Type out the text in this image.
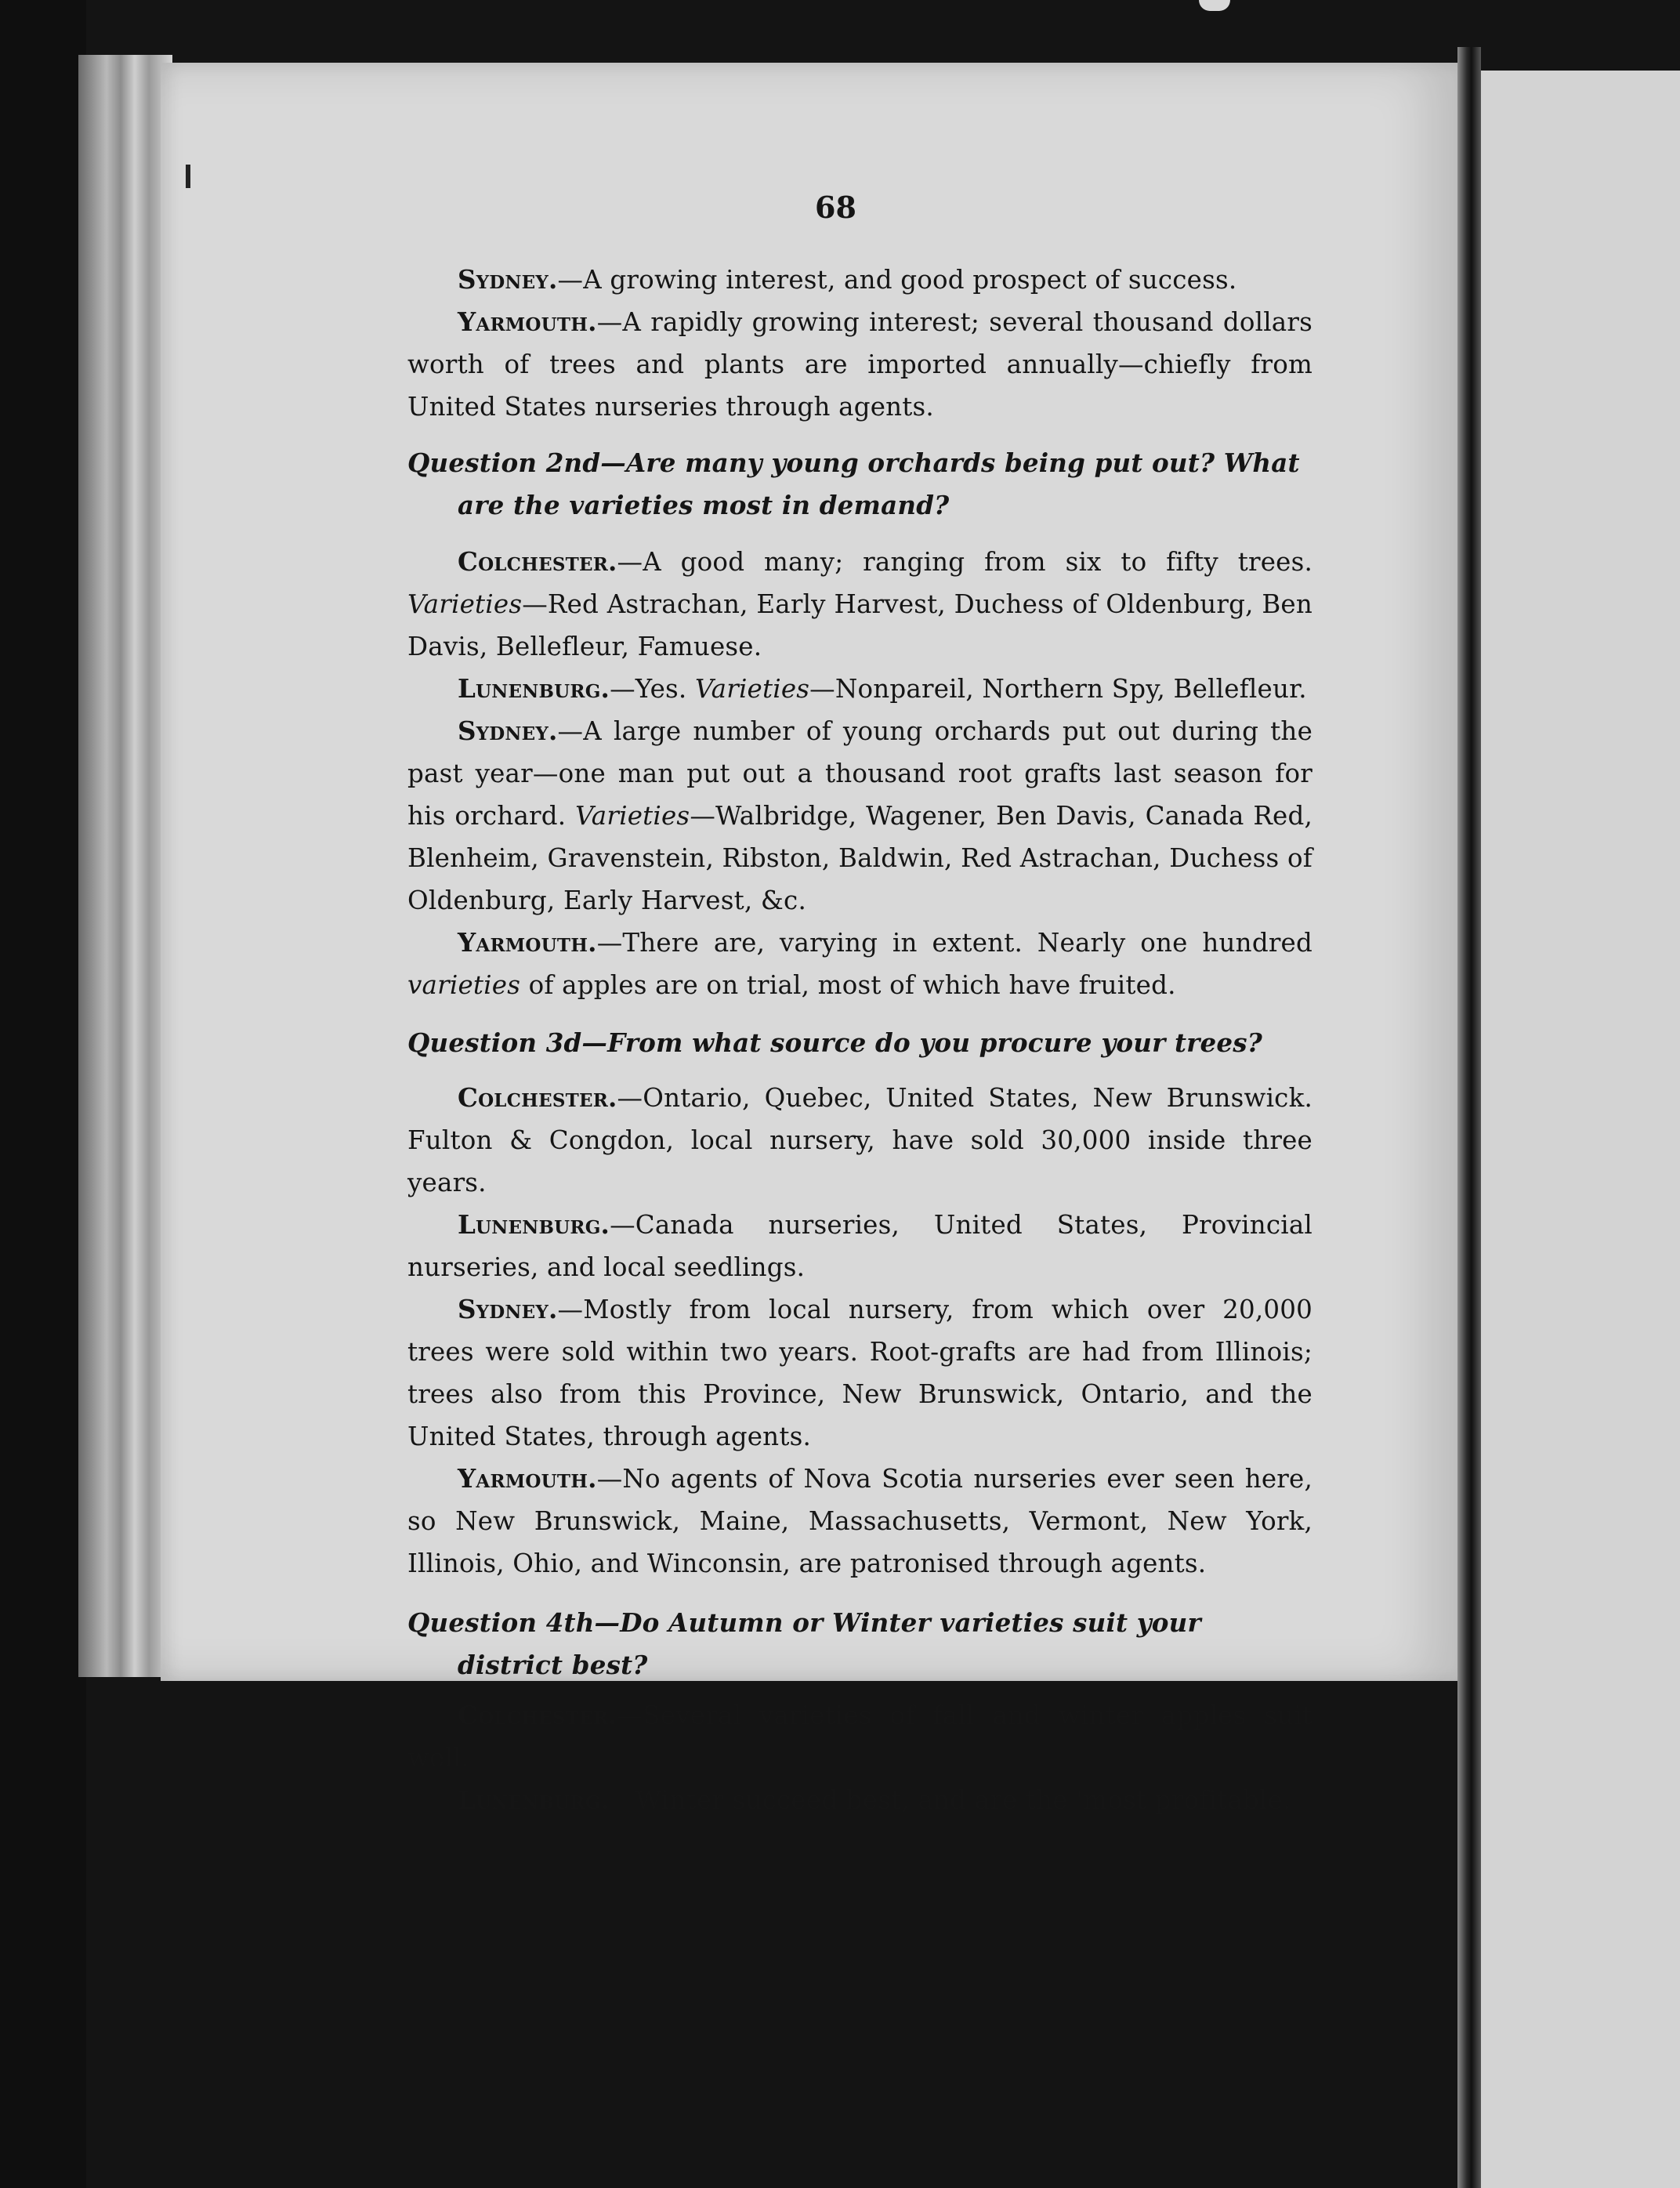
68

Sydney.—A growing interest, and good prospect of success.

Yarmouth.—A rapidly growing interest; several thousand dollars worth of trees and plants are imported annually—chiefly from United States nurseries through agents.

Question 2nd—Are many young orchards being put out? What are the varieties most in demand?

Colchester.—A good many; ranging from six to fifty trees. Varieties—Red Astrachan, Early Harvest, Duchess of Oldenburg, Ben Davis, Bellefleur, Famuese.

Lunenburg.—Yes. Varieties—Nonpareil, Northern Spy, Bellefleur.

Sydney.—A large number of young orchards put out during the past year—one man put out a thousand root grafts last season for his orchard. Varieties—Walbridge, Wagener, Ben Davis, Canada Red, Blenheim, Gravenstein, Ribston, Baldwin, Red Astrachan, Duchess of Oldenburg, Early Harvest, &c.

Yarmouth.—There are, varying in extent. Nearly one hundred varieties of apples are on trial, most of which have fruited.

Question 3d—From what source do you procure your trees?

Colchester.—Ontario, Quebec, United States, New Brunswick. Fulton & Congdon, local nursery, have sold 30,000 inside three years.

Lunenburg.—Canada nurseries, United States, Provincial nurseries, and local seedlings.

Sydney.—Mostly from local nursery, from which over 20,000 trees were sold within two years. Root-grafts are had from Illinois; trees also from this Province, New Brunswick, Ontario, and the United States, through agents.

Yarmouth.—No agents of Nova Scotia nurseries ever seen here, so New Brunswick, Maine, Massachusetts, Vermont, New York, Illinois, Ohio, and Winconsin, are patronised through agents.

Question 4th—Do Autumn or Winter varieties suit your district best?

Colchester.—Several varieties of fall and winter apples suit well.

Lunenburg.—Winter succeed best, and are the 'most profitable.
